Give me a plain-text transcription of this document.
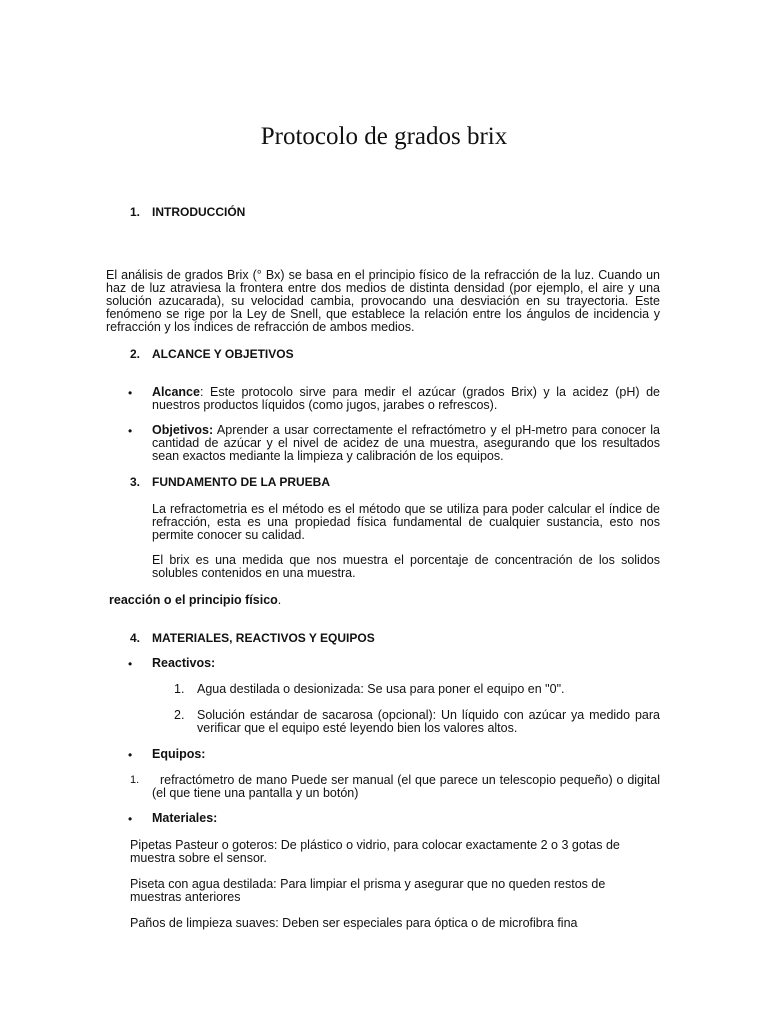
Protocolo de grados brix
1. INTRODUCCIÓN
El análisis de grados Brix (° Bx) se basa en el principio físico de la refracción de la luz. Cuando un haz de luz atraviesa la frontera entre dos medios de distinta densidad (por ejemplo, el aire y una solución azucarada), su velocidad cambia, provocando una desviación en su trayectoria. Este fenómeno se rige por la Ley de Snell, que establece la relación entre los ángulos de incidencia y refracción y los índices de refracción de ambos medios.
2. ALCANCE Y OBJETIVOS
•	Alcance: Este protocolo sirve para medir el azúcar (grados Brix) y la acidez (pH) de nuestros productos líquidos (como jugos, jarabes o refrescos).
•	Objetivos: Aprender a usar correctamente el refractómetro y el pH-metro para conocer la cantidad de azúcar y el nivel de acidez de una muestra, asegurando que los resultados sean exactos mediante la limpieza y calibración de los equipos.
3. FUNDAMENTO DE LA PRUEBA
La refractometria es el método es el método que se utiliza para poder calcular el índice de refracción, esta es una propiedad física fundamental de cualquier sustancia, esto nos permite conocer su calidad.
El brix es una medida que nos muestra el porcentaje de concentración de los solidos solubles contenidos en una muestra.
reacción o el principio físico.
4. MATERIALES, REACTIVOS Y EQUIPOS
•	Reactivos:
1.	Agua destilada o desionizada: Se usa para poner el equipo en "0".
2.	Solución estándar de sacarosa (opcional): Un líquido con azúcar ya medido para verificar que el equipo esté leyendo bien los valores altos.
•	Equipos:
1.	refractómetro de mano Puede ser manual (el que parece un telescopio pequeño) o digital (el que tiene una pantalla y un botón)
•	Materiales:
Pipetas Pasteur o goteros: De plástico o vidrio, para colocar exactamente 2 o 3 gotas de muestra sobre el sensor.
Piseta con agua destilada: Para limpiar el prisma y asegurar que no queden restos de muestras anteriores
Paños de limpieza suaves: Deben ser especiales para óptica o de microfibra fina
